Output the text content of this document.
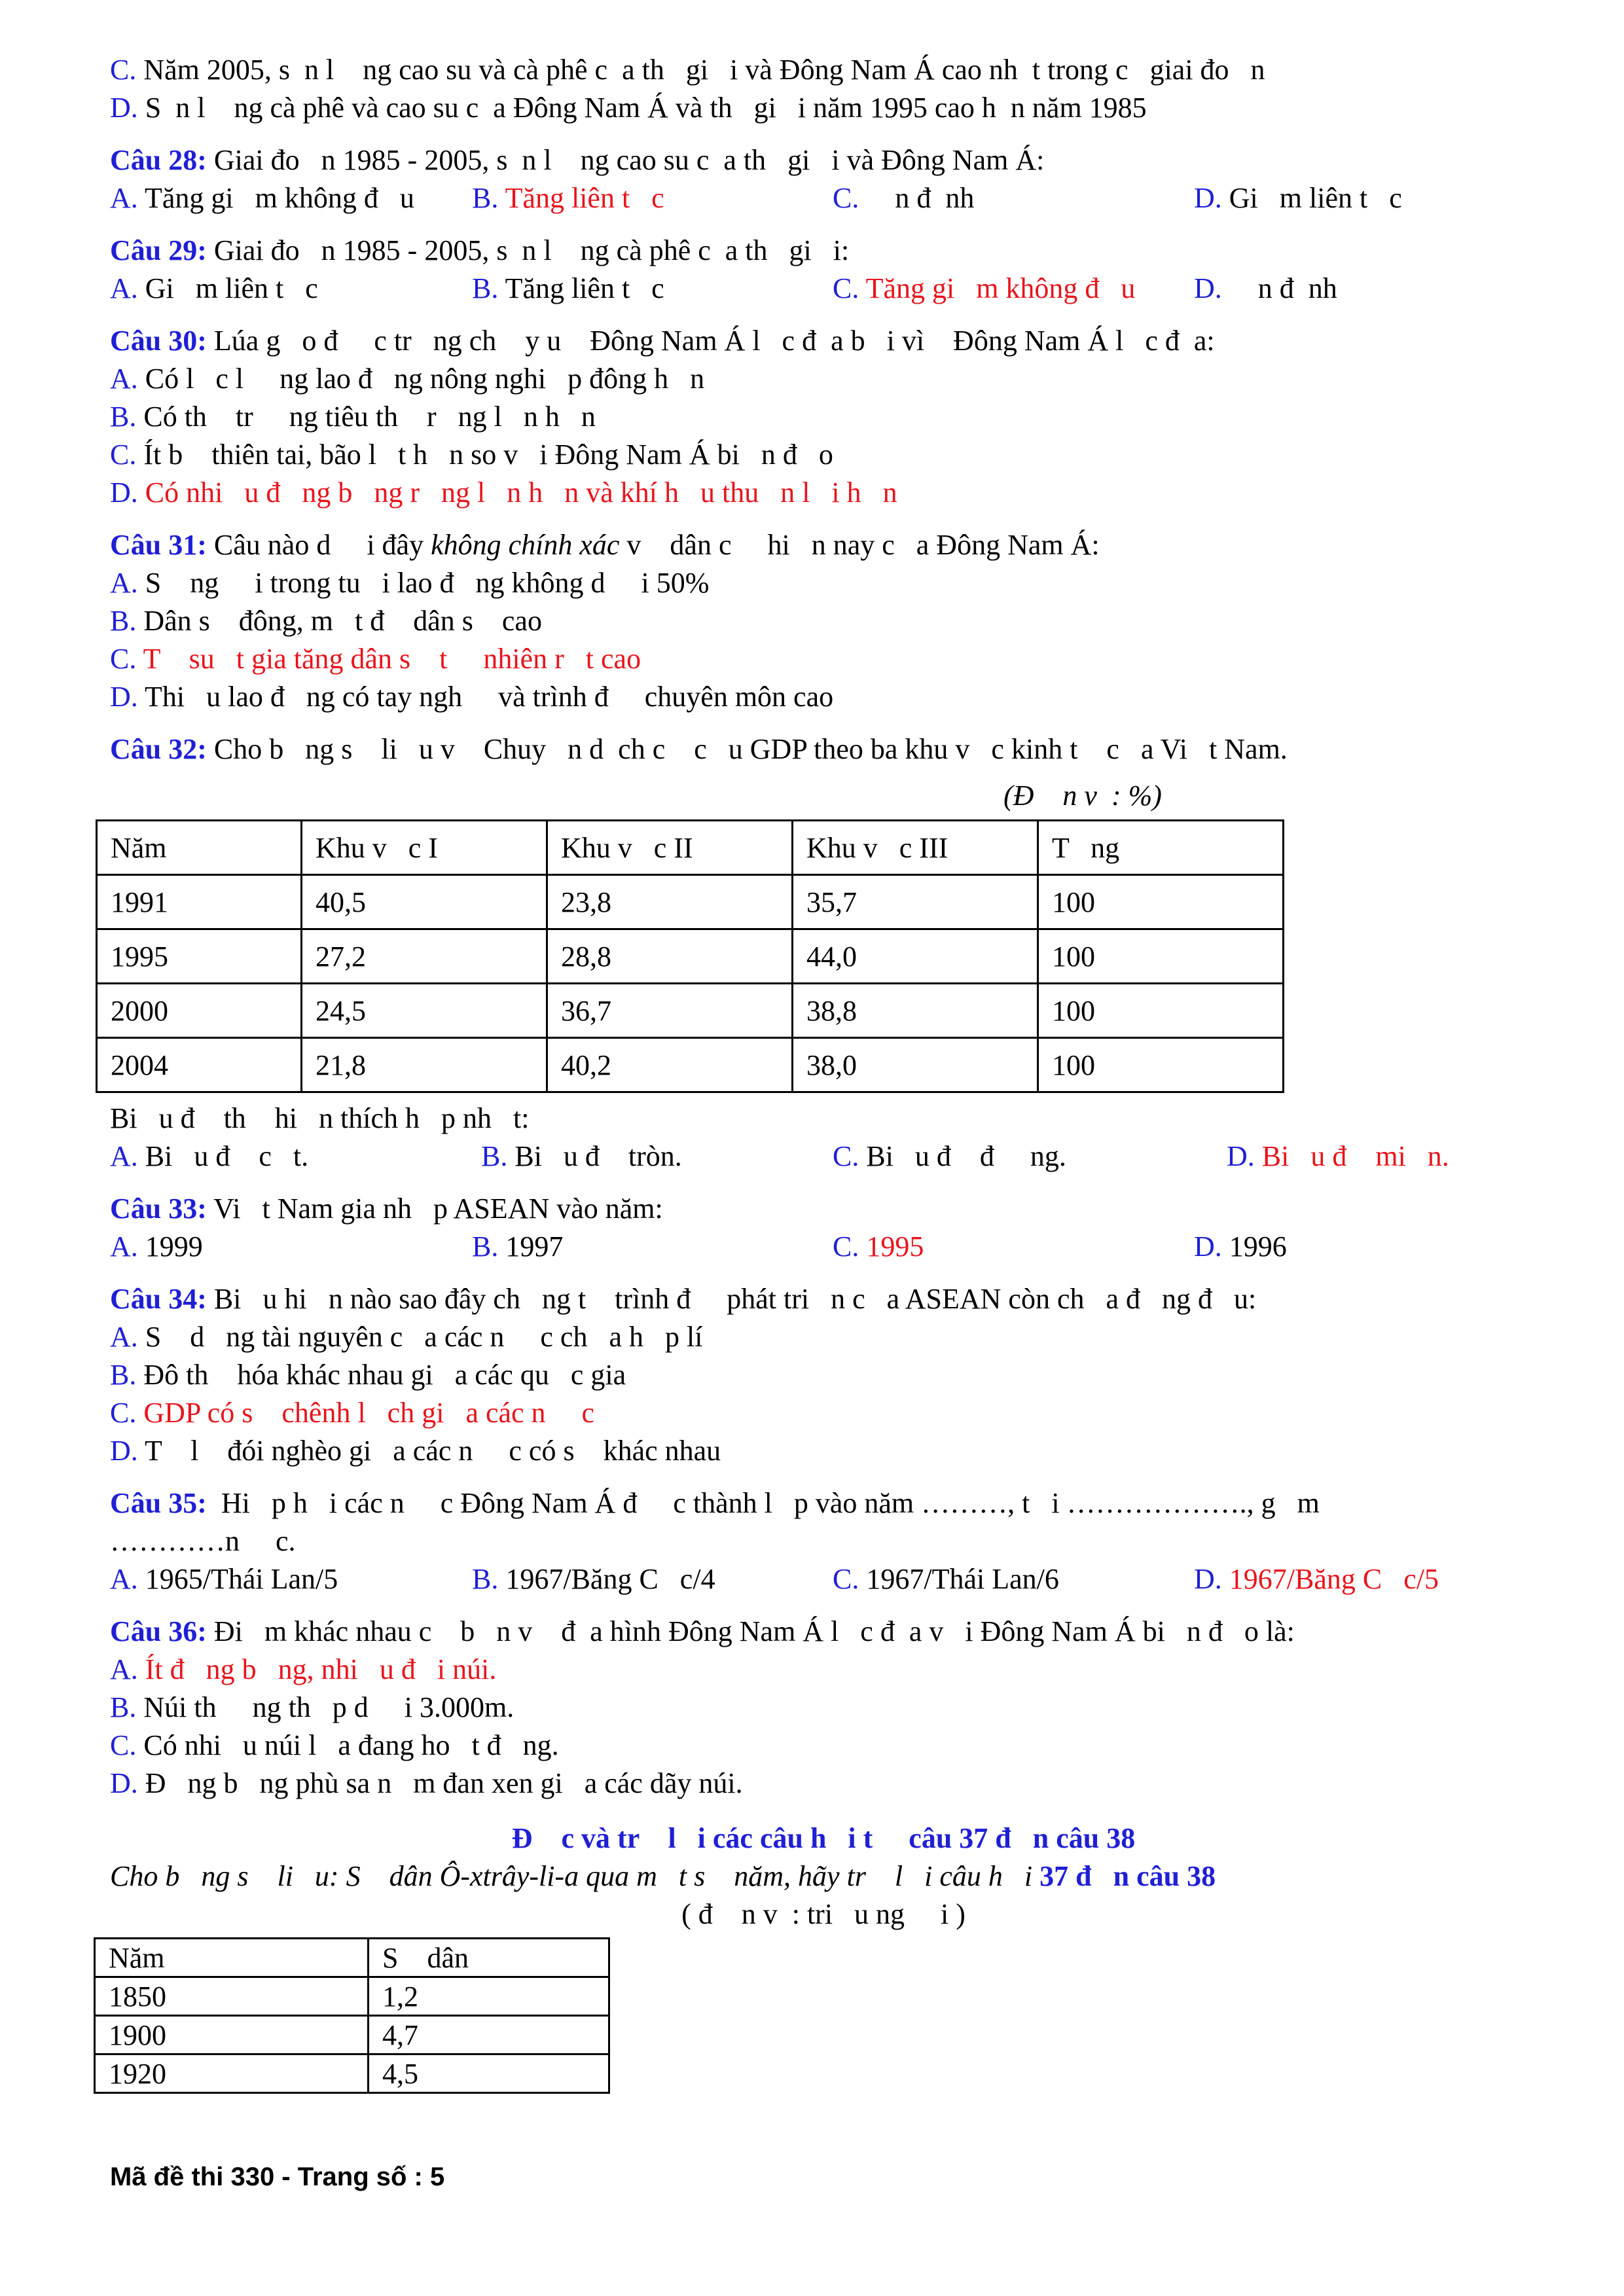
C. Năm 2005, s  n l    ng cao su và cà phê c  a th   gi   i và Đông Nam Á cao nh  t trong c   giai đo   n
D. S  n l    ng cà phê và cao su c  a Đông Nam Á và th   gi   i năm 1995 cao h  n năm 1985
Câu 28: Giai đo   n 1985 - 2005, s  n l    ng cao su c  a th   gi   i và Đông Nam Á:
A. Tăng gi   m không đ   u B. Tăng liên t   c	C.     n đ  nh	D. Gi   m liên t   c
Câu 29: Giai đo   n 1985 - 2005, s  n l    ng cà phê c  a th   gi   i:
A. Gi   m liên t   c	B. Tăng liên t   c	C. Tăng gi   m không đ   u D.     n đ  nh
Câu 30: Lúa g   o đ     c tr   ng ch    y u    Đông Nam Á l   c đ  a b   i vì    Đông Nam Á l   c đ  a:
A. Có l   c l     ng lao đ   ng nông nghi   p đông h   n
B. Có th    tr     ng tiêu th    r   ng l   n h   n
C. Ít b    thiên tai, bão l   t h   n so v   i Đông Nam Á bi   n đ   o
D. Có nhi   u đ   ng b   ng r   ng l   n h   n và khí h   u thu   n l   i h   n
Câu 31: Câu nào d     i đây không chính xác v    dân c     hi   n nay c   a Đông Nam Á:
A. S    ng     i trong tu   i lao đ   ng không d     i 50%
B. Dân s    đông, m   t đ    dân s    cao
C. T    su   t gia tăng dân s    t     nhiên r   t cao
D. Thi   u lao đ   ng có tay ngh     và trình đ     chuyên môn cao
Câu 32: Cho b   ng s    li   u v    Chuy   n d  ch c    c   u GDP theo ba khu v   c kinh t    c   a Vi   t Nam.
(Đ    n v  : %)
Năm	Khu v   c I	Khu v   c II	Khu v   c III	T   ng
1991	40,5	23,8	35,7	100
1995	27,2	28,8	44,0	100
2000	24,5	36,7	38,8	100
2004	21,8	40,2	38,0	100
Bi   u đ    th    hi   n thích h   p nh   t:
A. Bi   u đ    c   t.	B. Bi   u đ    tròn.	C. Bi   u đ    đ     ng.	D. Bi   u đ    mi   n.
Câu 33: Vi   t Nam gia nh   p ASEAN vào năm:
A. 1999	B. 1997	C. 1995	D. 1996
Câu 34: Bi   u hi   n nào sao đây ch   ng t    trình đ     phát tri   n c   a ASEAN còn ch   a đ   ng đ   u:
A. S    d   ng tài nguyên c   a các n     c ch   a h   p lí
B. Đô th    hóa khác nhau gi   a các qu   c gia
C. GDP có s    chênh l   ch gi   a các n     c
D. T    l    đói nghèo gi   a các n     c có s    khác nhau
Câu 35:  Hi   p h   i các n     c Đông Nam Á đ     c thành l   p vào năm ………, t   i ………………., g   m
…………n     c.
A. 1965/Thái Lan/5	B. 1967/Băng C   c/4	C. 1967/Thái Lan/6	D. 1967/Băng C   c/5
Câu 36: Đi   m khác nhau c    b   n v    đ  a hình Đông Nam Á l   c đ  a v   i Đông Nam Á bi   n đ   o là:
A. Ít đ   ng b   ng, nhi   u đ   i núi.
B. Núi th     ng th   p d     i 3.000m.
C. Có nhi   u núi l   a đang ho   t đ   ng.
D. Đ   ng b   ng phù sa n   m đan xen gi   a các dãy núi.
Đ    c và tr    l   i các câu h   i t     câu 37 đ   n câu 38
Cho b   ng s    li   u: S    dân Ô-xtrây-li-a qua m   t s    năm, hãy tr    l   i câu h   i 37 đ   n câu 38
( đ    n v  : tri   u ng     i )
Năm	S    dân
1850	1,2
1900	4,7
1920	4,5
Mã đề thi 330 - Trang số : 5
